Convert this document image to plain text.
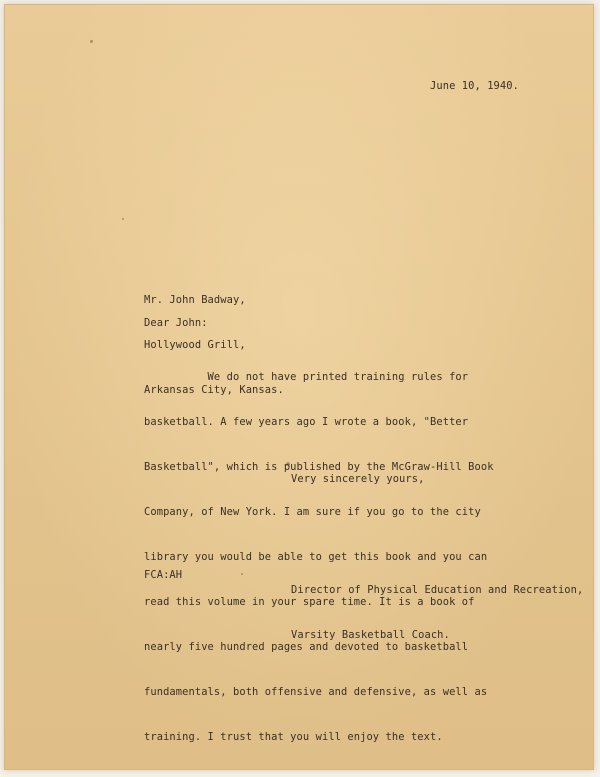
June 10, 1940.

Mr. John Badway,

Hollywood Grill,

Arkansas City, Kansas.

Dear John:

We do not have printed training rules for

basketball. A few years ago I wrote a book, "Better

Basketball", which is published by the McGraw-Hill Book

Company, of New York. I am sure if you go to the city

library you would be able to get this book and you can

read this volume in your spare time. It is a book of

nearly five hundred pages and devoted to basketball

fundamentals, both offensive and defensive, as well as

training. I trust that you will enjoy the text.

Very sincerely yours,

Director of Physical Education and Recreation,

Varsity Basketball Coach.

FCA:AH
